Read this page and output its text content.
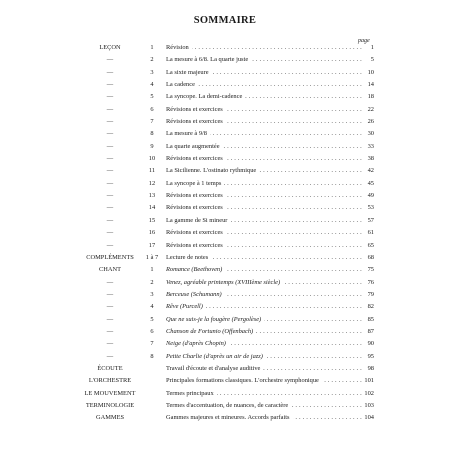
SOMMAIRE
page
LEÇON	1	Révision . . .	1
—	2	La mesure à 6/8. La quarte juste . . .	5
—	3	La sixte majeure . . .	10
—	4	La cadence . . .	14
—	5	La syncope. La demi-cadence . . .	18
—	6	Révisions et exercices . . .	22
—	7	Révisions et exercices . . .	26
—	8	La mesure à 9/8 . . .	30
—	9	La quarte augmentée . . .	33
—	10	Révisions et exercices . . .	38
—	11	La Sicilienne. L'ostinato rythmique . . .	42
—	12	La syncope à 1 temps . . .	45
—	13	Révisions et exercices . . .	49
—	14	Révisions et exercices . . .	53
—	15	La gamme de Si mineur . . .	57
—	16	Révisions et exercices . . .	61
—	17	Révisions et exercices . . .	65
COMPLÉMENTS	1 à 7	Lecture de notes . . .	68
CHANT	1	Romance (Beethoven) . . .	75
—	2	Venez, agréable printemps (XVIIIème siècle) . . .	76
—	3	Berceuse (Schumann) . . .	79
—	4	Rêve (Purcell) . . .	82
—	5	Que ne suis-je la fougère (Pergolèse) . . .	85
—	6	Chanson de Fortunio (Offenbach) . . .	87
—	7	Neige (d'après Chopin) . . .	90
—	8	Petite Charlie (d'après un air de jazz) . . .	95
ÉCOUTE	Travail d'écoute et d'analyse auditive . . .	98
L'ORCHESTRE	Principales formations classiques. L'orchestre symphonique . . .	101
LE MOUVEMENT	Termes principaux . . .	102
TERMINOLOGIE	Termes d'accentuation, de nuances, de caractère . . .	103
GAMMES	Gammes majeures et mineures. Accords parfaits . . .	104
